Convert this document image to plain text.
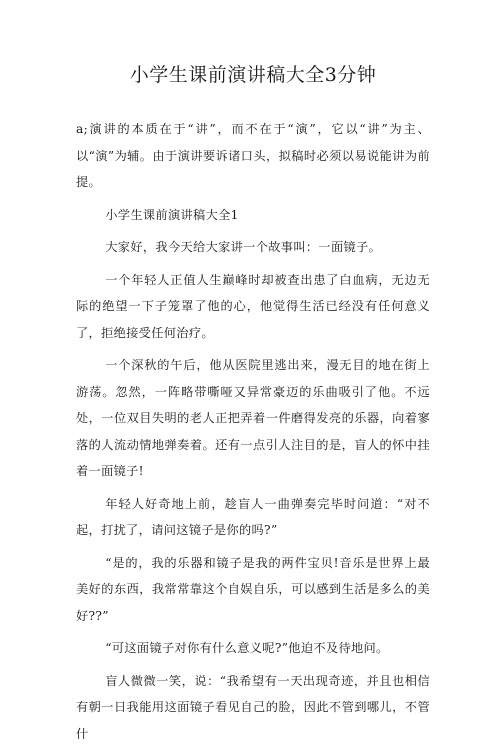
小学生课前演讲稿大全3分钟

a;演讲的本质在于“讲”，而不在于“演”，它以“讲”为主、以“演”为辅。由于演讲要诉诸口头，拟稿时必须以易说能讲为前提。

小学生课前演讲稿大全1

大家好，我今天给大家讲一个故事叫：一面镜子。

一个年轻人正值人生巅峰时却被查出患了白血病，无边无际的绝望一下子笼罩了他的心，他觉得生活已经没有任何意义了，拒绝接受任何治疗。

一个深秋的午后，他从医院里逃出来，漫无目的地在街上游荡。忽然，一阵略带嘶哑又异常豪迈的乐曲吸引了他。不远处，一位双目失明的老人正把弄着一件磨得发亮的乐器，向着寥落的人流动情地弹奏着。还有一点引人注目的是，盲人的怀中挂着一面镜子!

年轻人好奇地上前，趁盲人一曲弹奏完毕时问道：“对不起，打扰了，请问这镜子是你的吗?”

“是的，我的乐器和镜子是我的两件宝贝!音乐是世界上最美好的东西，我常常靠这个自娱自乐，可以感到生活是多么的美好??”

“可这面镜子对你有什么意义呢?”他迫不及待地问。

盲人微微一笑，说：“我希望有一天出现奇迹，并且也相信有朝一日我能用这面镜子看见自己的脸，因此不管到哪儿，不管什
